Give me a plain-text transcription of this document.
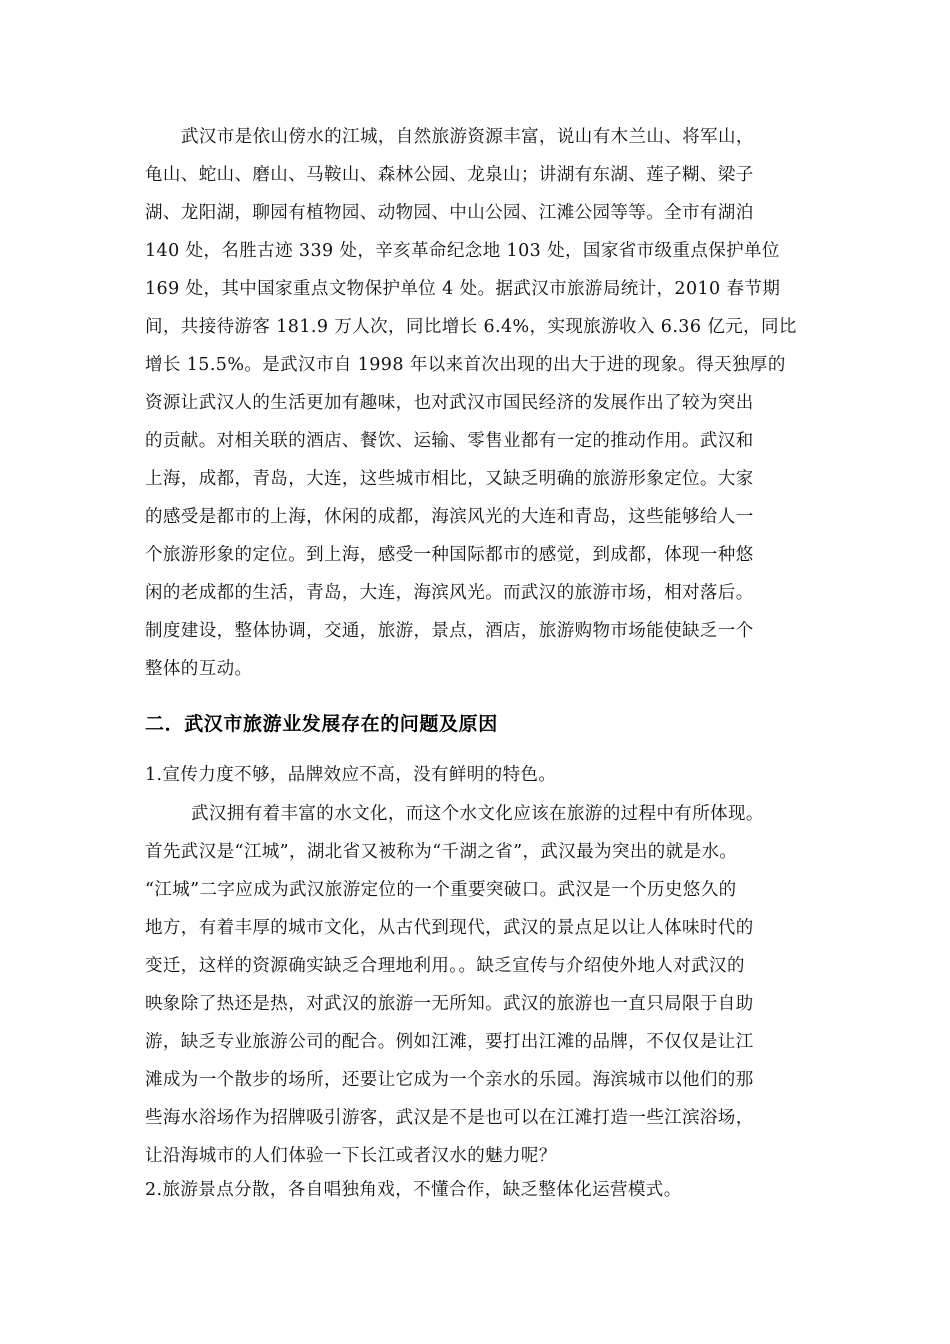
武汉市是依山傍水的江城，自然旅游资源丰富，说山有木兰山、将军山，
龟山、蛇山、磨山、马鞍山、森林公园、龙泉山；讲湖有东湖、莲子糊、梁子
湖、龙阳湖，聊园有植物园、动物园、中山公园、江滩公园等等。全市有湖泊
140 处，名胜古迹 339 处，辛亥革命纪念地 103 处，国家省市级重点保护单位
169 处，其中国家重点文物保护单位 4 处。据武汉市旅游局统计，2010 春节期
间，共接待游客 181.9 万人次，同比增长 6.4%，实现旅游收入 6.36 亿元，同比
增长 15.5%。是武汉市自 1998 年以来首次出现的出大于进的现象。得天独厚的
资源让武汉人的生活更加有趣味，也对武汉市国民经济的发展作出了较为突出
的贡献。对相关联的酒店、餐饮、运输、零售业都有一定的推动作用。武汉和
上海，成都，青岛，大连，这些城市相比，又缺乏明确的旅游形象定位。大家
的感受是都市的上海，休闲的成都，海滨风光的大连和青岛，这些能够给人一
个旅游形象的定位。到上海，感受一种国际都市的感觉，到成都，体现一种悠
闲的老成都的生活，青岛，大连，海滨风光。而武汉的旅游市场，相对落后。
制度建设，整体协调，交通，旅游，景点，酒店，旅游购物市场能使缺乏一个
整体的互动。
二．武汉市旅游业发展存在的问题及原因
1.宣传力度不够，品牌效应不高，没有鲜明的特色。
武汉拥有着丰富的水文化，而这个水文化应该在旅游的过程中有所体现。
首先武汉是“江城”，湖北省又被称为“千湖之省”，武汉最为突出的就是水。
“江城”二字应成为武汉旅游定位的一个重要突破口。武汉是一个历史悠久的
地方，有着丰厚的城市文化，从古代到现代，武汉的景点足以让人体味时代的
变迁，这样的资源确实缺乏合理地利用。。缺乏宣传与介绍使外地人对武汉的
映象除了热还是热，对武汉的旅游一无所知。武汉的旅游也一直只局限于自助
游，缺乏专业旅游公司的配合。例如江滩，要打出江滩的品牌，不仅仅是让江
滩成为一个散步的场所，还要让它成为一个亲水的乐园。海滨城市以他们的那
些海水浴场作为招牌吸引游客，武汉是不是也可以在江滩打造一些江滨浴场，
让沿海城市的人们体验一下长江或者汉水的魅力呢？
2.旅游景点分散，各自唱独角戏，不懂合作，缺乏整体化运营模式。
